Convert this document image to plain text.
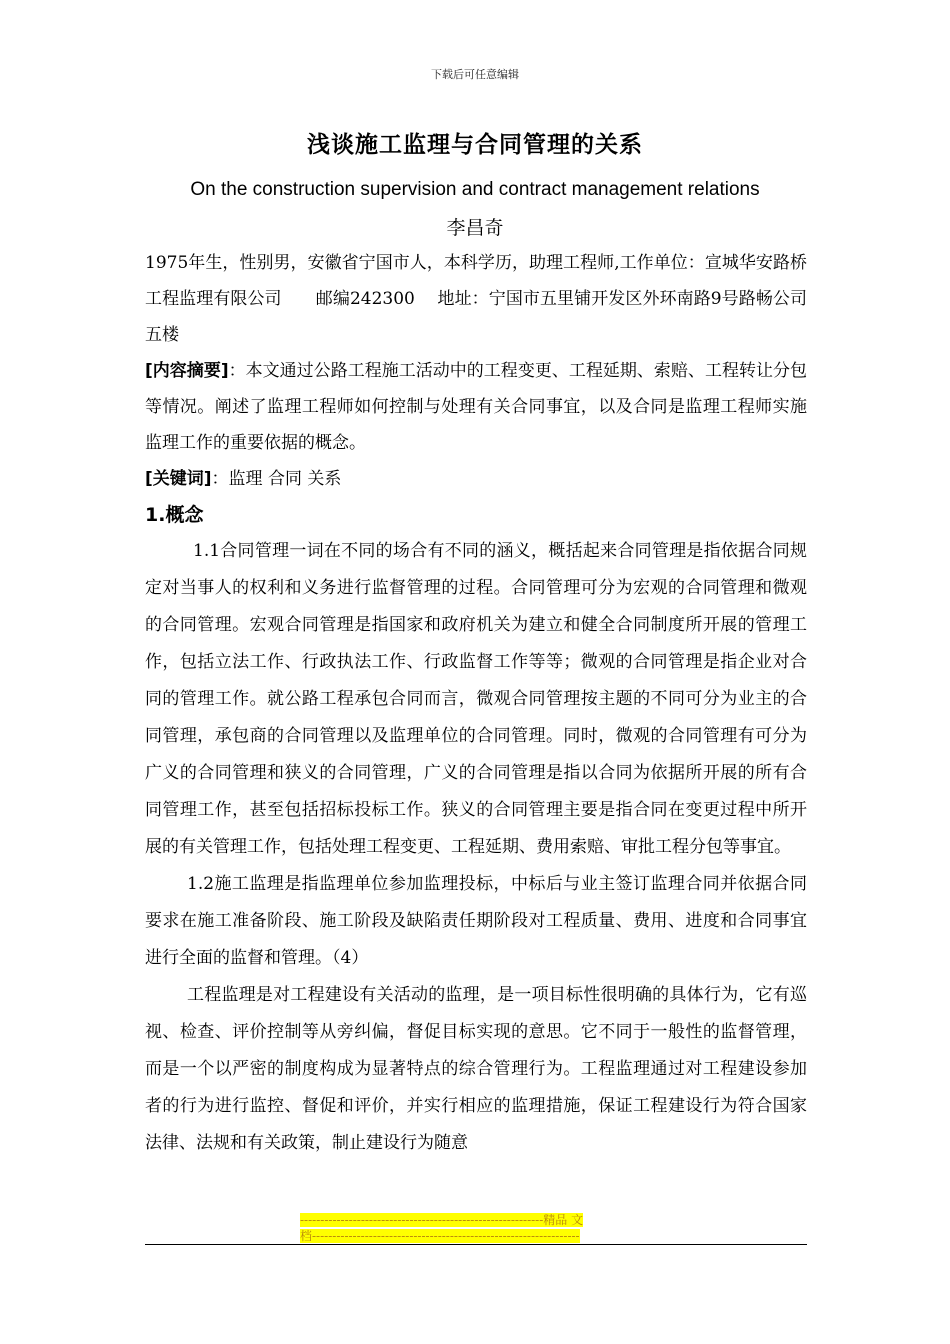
下载后可任意编辑
浅谈施工监理与合同管理的关系
On the construction supervision and contract management relations
李昌奇

1975年生，性别男，安徽省宁国市人，本科学历，助理工程师,工作单位：宣城华安路桥工程监理有限公司　　邮编242300　 地址：宁国市五里铺开发区外环南路9号路畅公司五楼

[内容摘要]：本文通过公路工程施工活动中的工程变更、工程延期、索赔、工程转让分包等情况。阐述了监理工程师如何控制与处理有关合同事宜，以及合同是监理工程师实施监理工作的重要依据的概念。

[关键词]：监理 合同 关系

1.概念

1.1合同管理一词在不同的场合有不同的涵义，概括起来合同管理是指依据合同规定对当事人的权利和义务进行监督管理的过程。合同管理可分为宏观的合同管理和微观的合同管理。宏观合同管理是指国家和政府机关为建立和健全合同制度所开展的管理工作，包括立法工作、行政执法工作、行政监督工作等等；微观的合同管理是指企业对合同的管理工作。就公路工程承包合同而言，微观合同管理按主题的不同可分为业主的合同管理，承包商的合同管理以及监理单位的合同管理。同时，微观的合同管理有可分为广义的合同管理和狭义的合同管理，广义的合同管理是指以合同为依据所开展的所有合同管理工作，甚至包括招标投标工作。狭义的合同管理主要是指合同在变更过程中所开展的有关管理工作，包括处理工程变更、工程延期、费用索赔、审批工程分包等事宜。

1.2施工监理是指监理单位参加监理投标，中标后与业主签订监理合同并依据合同要求在施工准备阶段、施工阶段及缺陷责任期阶段对工程质量、费用、进度和合同事宜进行全面的监督和管理。（4）

工程监理是对工程建设有关活动的监理，是一项目标性很明确的具体行为，它有巡视、检查、评价控制等从旁纠偏，督促目标实现的意思。它不同于一般性的监督管理，而是一个以严密的制度构成为显著特点的综合管理行为。工程监理通过对工程建设参加者的行为进行监控、督促和评价，并实行相应的监理措施，保证工程建设行为符合国家法律、法规和有关政策，制止建设行为随意

------------------------------------------------------------精品 文
档------------------------------------------------------------------
